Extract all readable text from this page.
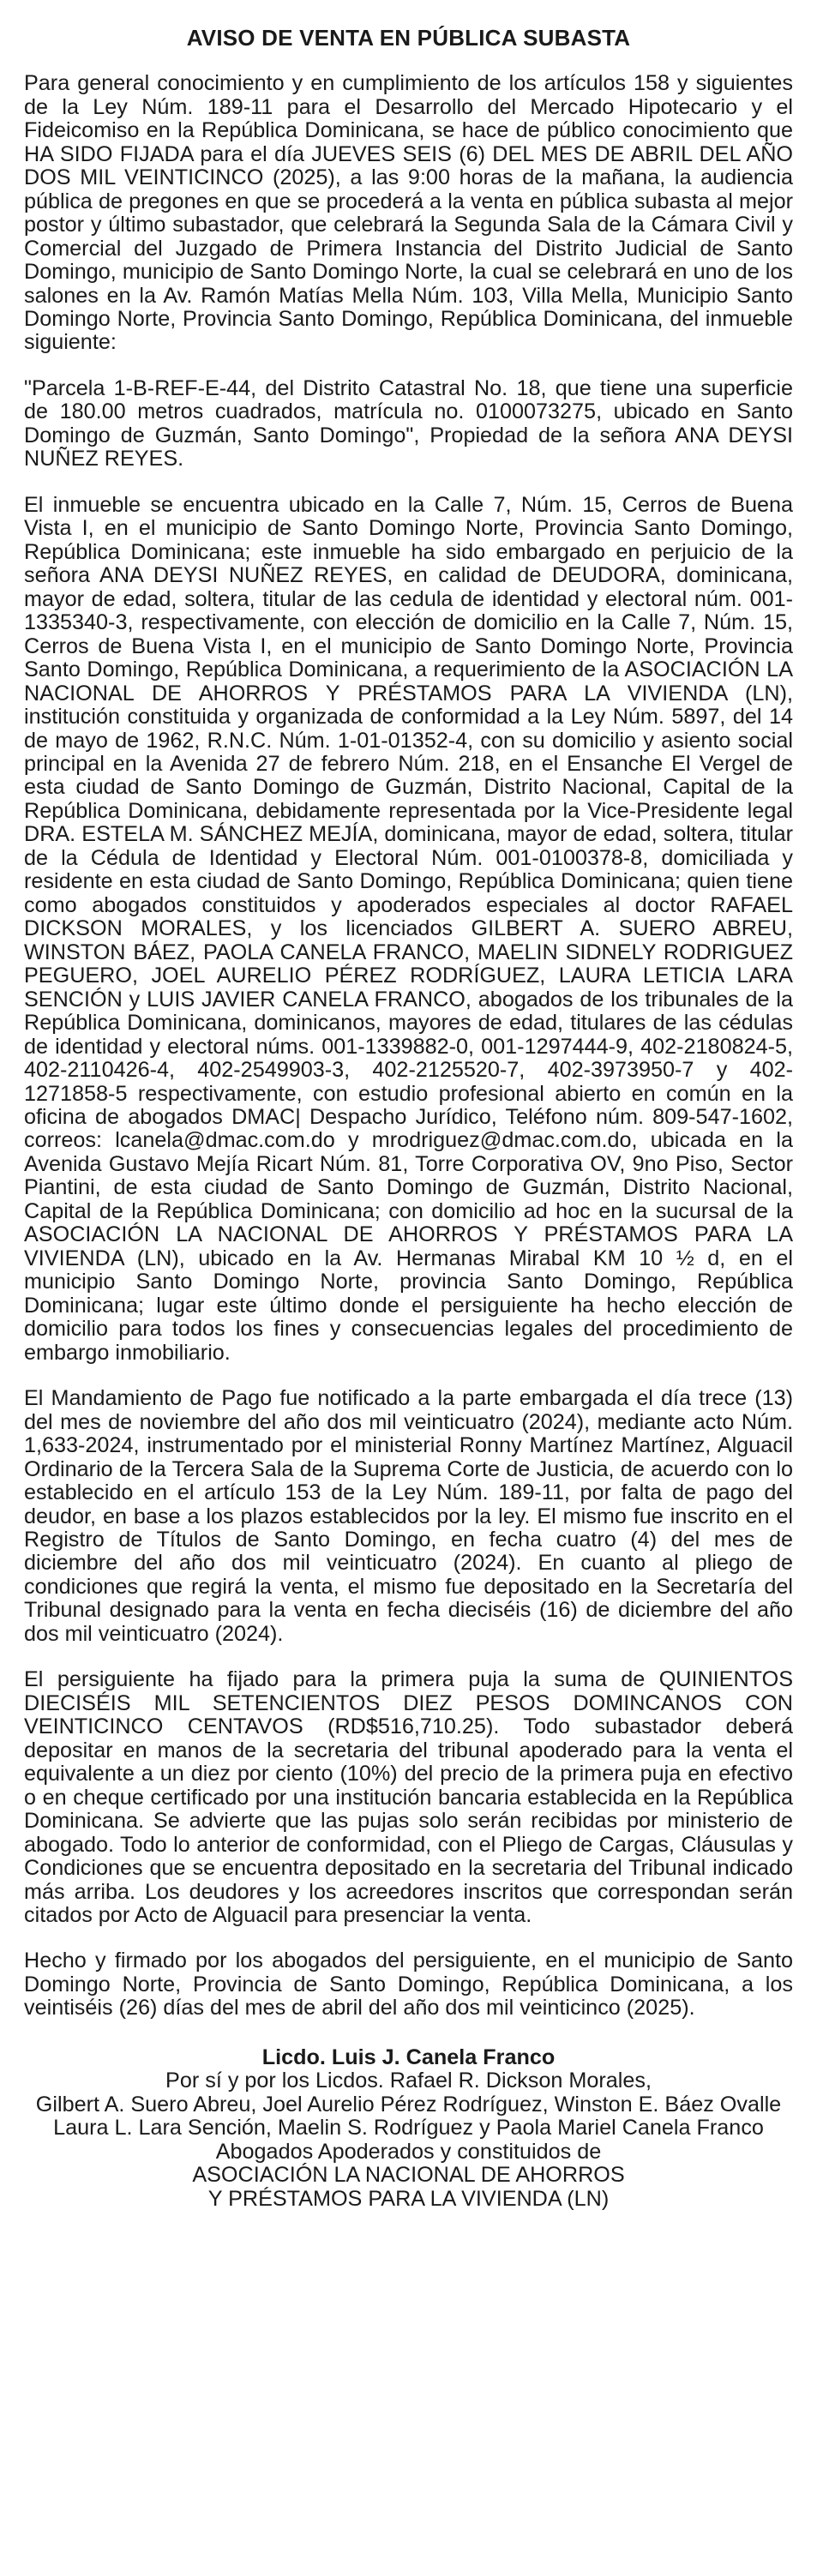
AVISO DE VENTA EN PÚBLICA SUBASTA

Para general conocimiento y en cumplimiento de los artículos 158 y siguientes de la Ley Núm. 189-11 para el Desarrollo del Mercado Hipotecario y el Fideicomiso en la República Dominicana, se hace de público conocimiento que HA SIDO FIJADA para el día JUEVES SEIS (6) DEL MES DE ABRIL DEL AÑO DOS MIL VEINTICINCO (2025), a las 9:00 horas de la mañana, la audiencia pública de pregones en que se procederá a la venta en pública subasta al mejor postor y último subastador, que celebrará la Segunda Sala de la Cámara Civil y Comercial del Juzgado de Primera Instancia del Distrito Judicial de Santo Domingo, municipio de Santo Domingo Norte, la cual se celebrará en uno de los salones en la Av. Ramón Matías Mella Núm. 103, Villa Mella, Municipio Santo Domingo Norte, Provincia Santo Domingo, República Dominicana, del inmueble siguiente:

"Parcela 1-B-REF-E-44, del Distrito Catastral No. 18, que tiene una superficie de 180.00 metros cuadrados, matrícula no. 0100073275, ubicado en Santo Domingo de Guzmán, Santo Domingo", Propiedad de la señora ANA DEYSI NUÑEZ REYES.

El inmueble se encuentra ubicado en la Calle 7, Núm. 15, Cerros de Buena Vista I, en el municipio de Santo Domingo Norte, Provincia Santo Domingo, República Dominicana; este inmueble ha sido embargado en perjuicio de la señora ANA DEYSI NUÑEZ REYES, en calidad de DEUDORA, dominicana, mayor de edad, soltera, titular de las cedula de identidad y electoral núm. 001-1335340-3, respectivamente, con elección de domicilio en la Calle 7, Núm. 15, Cerros de Buena Vista I, en el municipio de Santo Domingo Norte, Provincia Santo Domingo, República Dominicana, a requerimiento de la ASOCIACIÓN LA NACIONAL DE AHORROS Y PRÉSTAMOS PARA LA VIVIENDA (LN), institución constituida y organizada de conformidad a la Ley Núm. 5897, del 14 de mayo de 1962, R.N.C. Núm. 1-01-01352-4, con su domicilio y asiento social principal en la Avenida 27 de febrero Núm. 218, en el Ensanche El Vergel de esta ciudad de Santo Domingo de Guzmán, Distrito Nacional, Capital de la República Dominicana, debidamente representada por la Vice-Presidente legal DRA. ESTELA M. SÁNCHEZ MEJÍA, dominicana, mayor de edad, soltera, titular de la Cédula de Identidad y Electoral Núm. 001-0100378-8, domiciliada y residente en esta ciudad de Santo Domingo, República Dominicana; quien tiene como abogados constituidos y apoderados especiales al doctor RAFAEL DICKSON MORALES, y los licenciados GILBERT A. SUERO ABREU, WINSTON BÁEZ, PAOLA CANELA FRANCO, MAELIN SIDNELY RODRIGUEZ PEGUERO, JOEL AURELIO PÉREZ RODRÍGUEZ, LAURA LETICIA LARA SENCIÓN y LUIS JAVIER CANELA FRANCO, abogados de los tribunales de la República Dominicana, dominicanos, mayores de edad, titulares de las cédulas de identidad y electoral núms. 001-1339882-0, 001-1297444-9, 402-2180824-5, 402-2110426-4, 402-2549903-3, 402-2125520-7, 402-3973950-7 y 402-1271858-5 respectivamente, con estudio profesional abierto en común en la oficina de abogados DMAC| Despacho Jurídico, Teléfono núm. 809-547-1602, correos: lcanela@dmac.com.do y mrodriguez@dmac.com.do, ubicada en la Avenida Gustavo Mejía Ricart Núm. 81, Torre Corporativa OV, 9no Piso, Sector Piantini, de esta ciudad de Santo Domingo de Guzmán, Distrito Nacional, Capital de la República Dominicana; con domicilio ad hoc en la sucursal de la ASOCIACIÓN LA NACIONAL DE AHORROS Y PRÉSTAMOS PARA LA VIVIENDA (LN), ubicado en la Av. Hermanas Mirabal KM 10 ½ d, en el municipio Santo Domingo Norte, provincia Santo Domingo, República Dominicana; lugar este último donde el persiguiente ha hecho elección de domicilio para todos los fines y consecuencias legales del procedimiento de embargo inmobiliario.

El Mandamiento de Pago fue notificado a la parte embargada el día trece (13) del mes de noviembre del año dos mil veinticuatro (2024), mediante acto Núm. 1,633-2024, instrumentado por el ministerial Ronny Martínez Martínez, Alguacil Ordinario de la Tercera Sala de la Suprema Corte de Justicia, de acuerdo con lo establecido en el artículo 153 de la Ley Núm. 189-11, por falta de pago del deudor, en base a los plazos establecidos por la ley. El mismo fue inscrito en el Registro de Títulos de Santo Domingo, en fecha cuatro (4) del mes de diciembre del año dos mil veinticuatro (2024). En cuanto al pliego de condiciones que regirá la venta, el mismo fue depositado en la Secretaría del Tribunal designado para la venta en fecha dieciséis (16) de diciembre del año dos mil veinticuatro (2024).

El persiguiente ha fijado para la primera puja la suma de QUINIENTOS DIECISÉIS MIL SETENCIENTOS DIEZ PESOS DOMINCANOS CON VEINTICINCO CENTAVOS (RD$516,710.25). Todo subastador deberá depositar en manos de la secretaria del tribunal apoderado para la venta el equivalente a un diez por ciento (10%) del precio de la primera puja en efectivo o en cheque certificado por una institución bancaria establecida en la República Dominicana. Se advierte que las pujas solo serán recibidas por ministerio de abogado. Todo lo anterior de conformidad, con el Pliego de Cargas, Cláusulas y Condiciones que se encuentra depositado en la secretaria del Tribunal indicado más arriba. Los deudores y los acreedores inscritos que correspondan serán citados por Acto de Alguacil para presenciar la venta.

Hecho y firmado por los abogados del persiguiente, en el municipio de Santo Domingo Norte, Provincia de Santo Domingo, República Dominicana, a los veintiséis (26) días del mes de abril del año dos mil veinticinco (2025).

Licdo. Luis J. Canela Franco
Por sí y por los Licdos. Rafael R. Dickson Morales,
Gilbert A. Suero Abreu, Joel Aurelio Pérez Rodríguez, Winston E. Báez Ovalle
Laura L. Lara Sención, Maelin S. Rodríguez y Paola Mariel Canela Franco
Abogados Apoderados y constituidos de
ASOCIACIÓN LA NACIONAL DE AHORROS
Y PRÉSTAMOS PARA LA VIVIENDA (LN)
